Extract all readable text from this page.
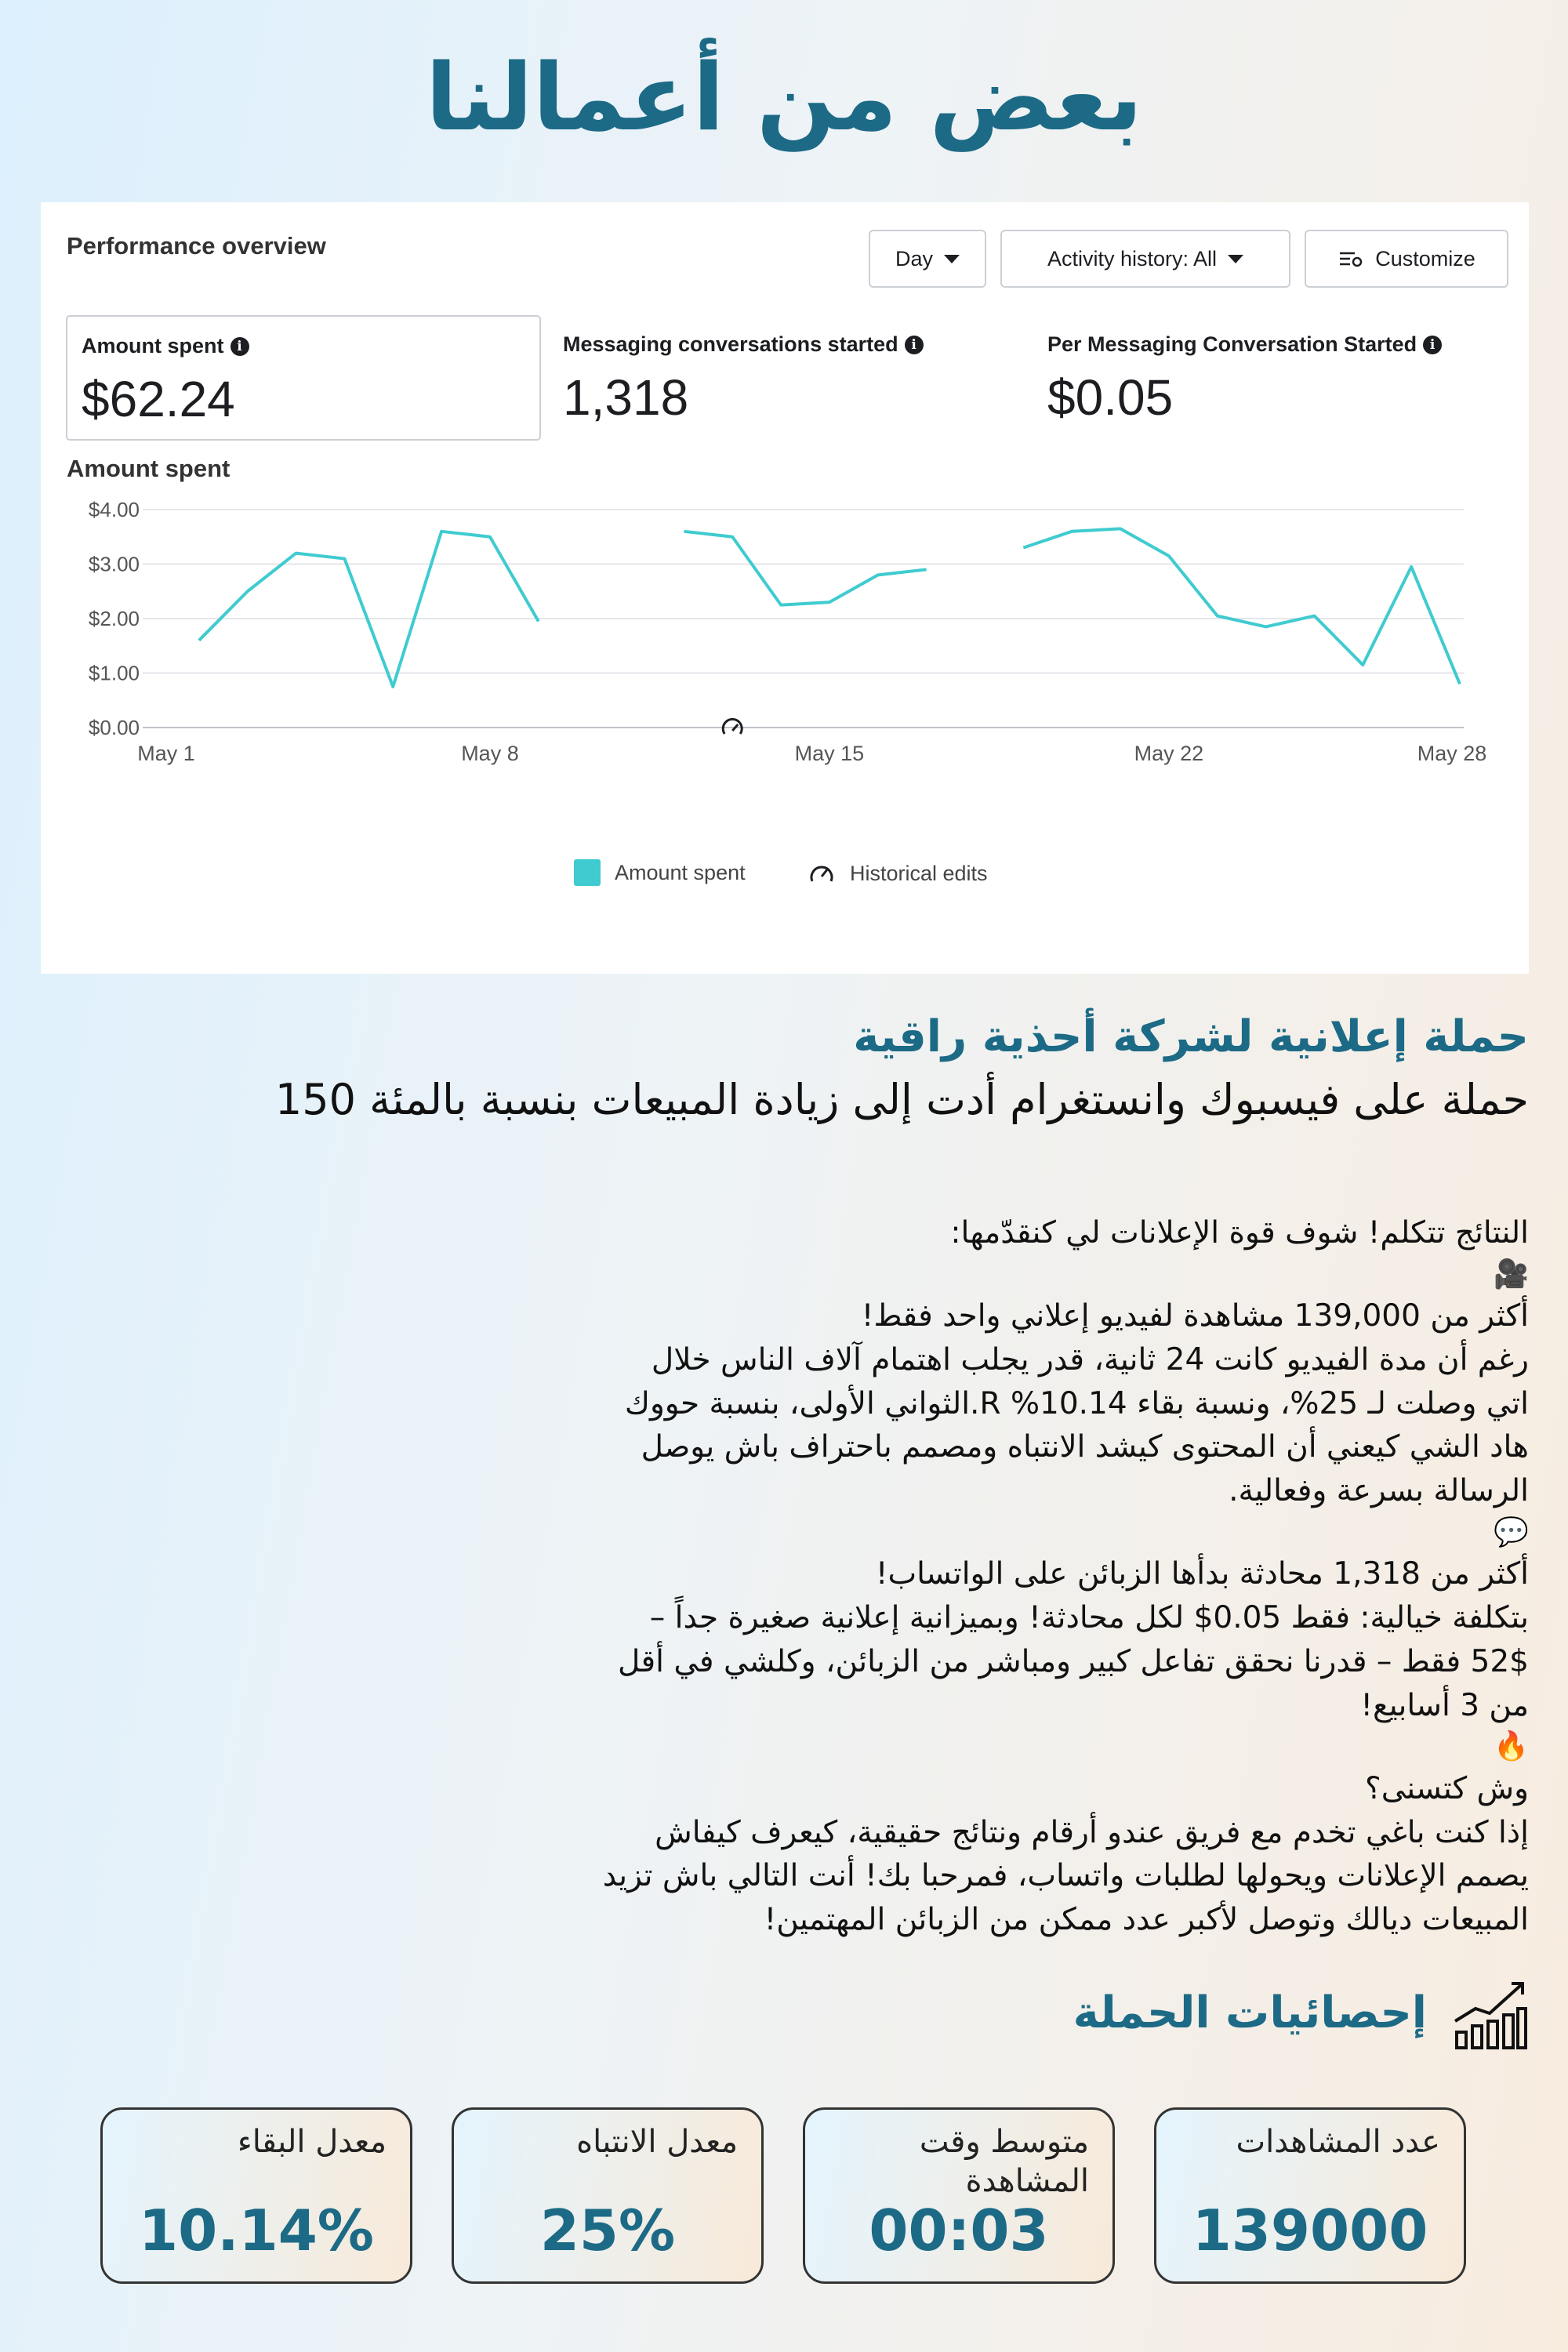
بعض من أعمالنا
Performance overview	Day	Activity history: All	Customize
Amount spent i
$62.24
Messaging conversations started i
1,318
Per Messaging Conversation Started i
$0.05
Amount spent
$0.00
$1.00
$2.00
$3.00
$4.00
May 1	May 8	May 15	May 22	May 28
Amount spent	Historical edits
حملة إعلانية لشركة أحذية راقية
حملة على فيسبوك وانستغرام أدت إلى زيادة المبيعات بنسبة بالمئة 150

النتائج تتكلم! شوف قوة الإعلانات لي كنقدّمها:

🎥

أكثر من 139,000 مشاهدة لفيديو إعلاني واحد فقط!

رغم أن مدة الفيديو كانت 24 ثانية، قدر يجلب اهتمام آلاف الناس خلال

اتي وصلت لـ 25%، ونسبة بقاء 10.14% R.الثواني الأولى، بنسبة حووك

هاد الشي كيعني أن المحتوى كيشد الانتباه ومصمم باحتراف باش يوصل

الرسالة بسرعة وفعالية.

💬

أكثر من 1,318 محادثة بدأها الزبائن على الواتساب!

بتكلفة خيالية: فقط 0.05$ لكل محادثة! وبميزانية إعلانية صغيرة جداً –

52$ فقط – قدرنا نحقق تفاعل كبير ومباشر من الزبائن، وكلشي في أقل

من 3 أسابيع!

🔥

وش كتسنى؟

إذا كنت باغي تخدم مع فريق عندو أرقام ونتائج حقيقية، كيعرف كيفاش

يصمم الإعلانات ويحولها لطلبات واتساب، فمرحبا بك! أنت التالي باش تزيد

المبيعات ديالك وتوصل لأكبر عدد ممكن من الزبائن المهتمين!

إحصائيات الحملة
عدد المشاهدات
139000
متوسط وقت المشاهدة
00:03
معدل الانتباه
25%
معدل البقاء
10.14%
